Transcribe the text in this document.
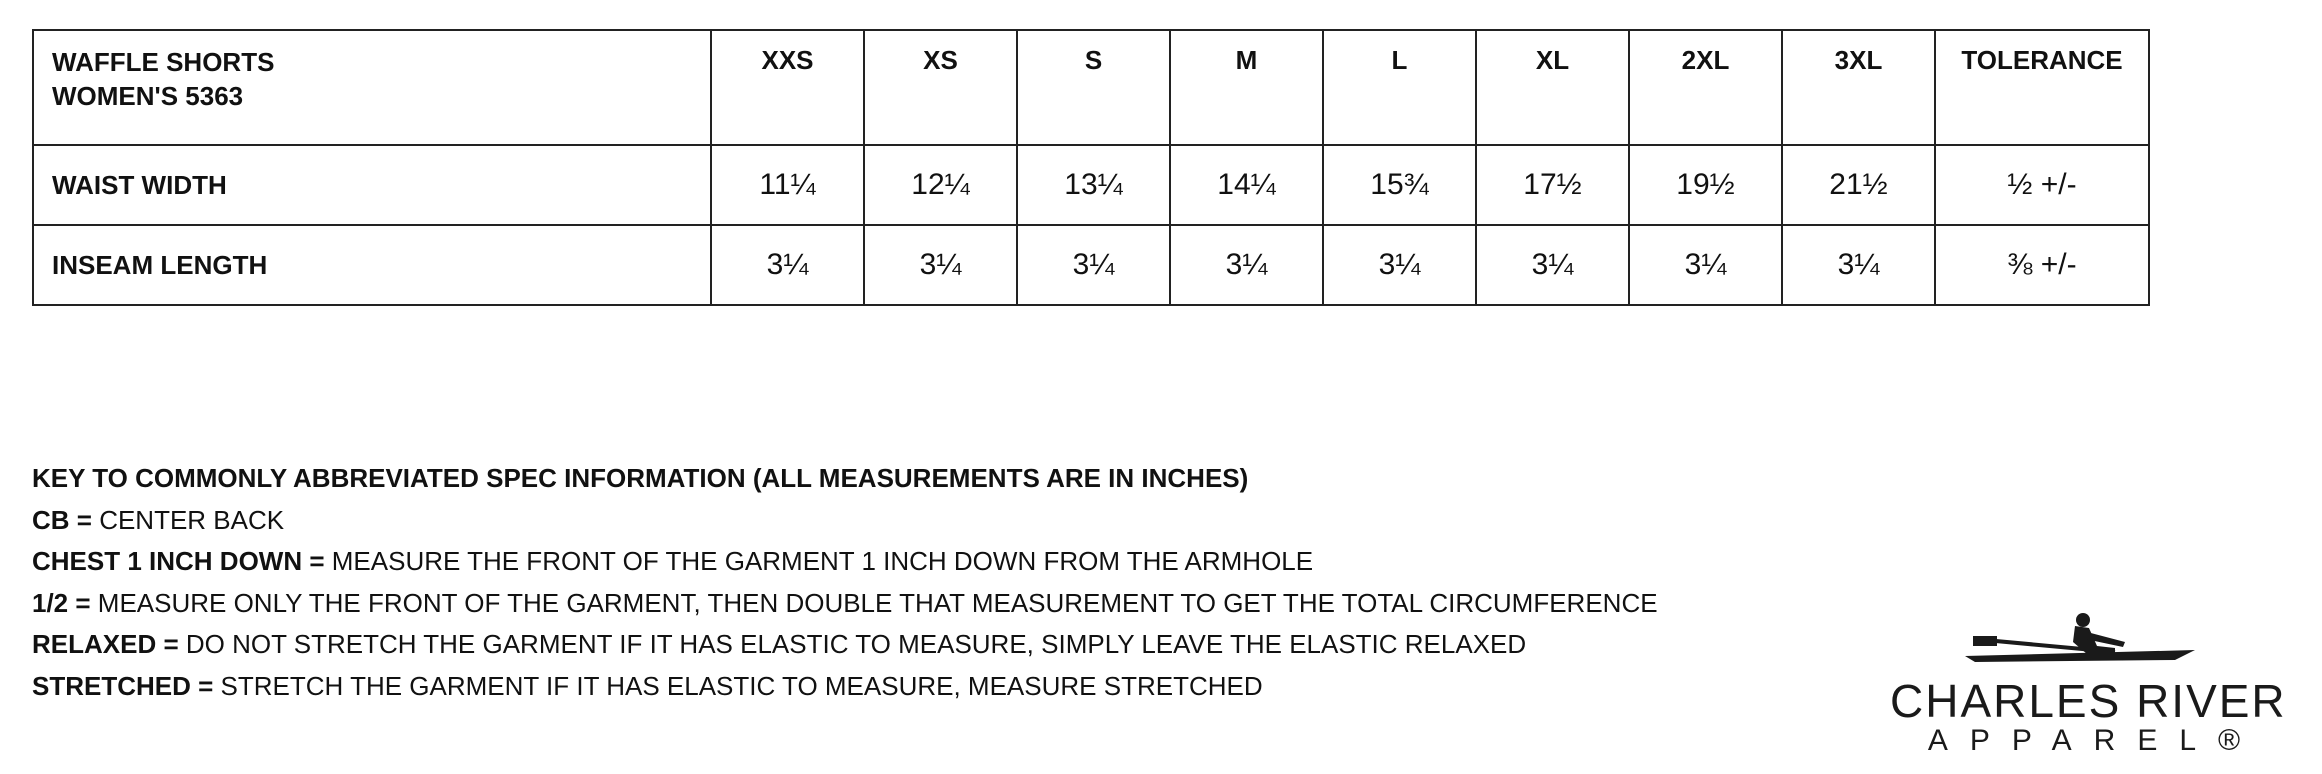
WAFFLE SHORTS
WOMEN'S 5363	XXS	XS	S	M	L	XL	2XL	3XL	TOLERANCE
WAIST WIDTH	11¼	12¼	13¼	14¼	15¾	17½	19½	21½	½ +/-
INSEAM LENGTH	3¼	3¼	3¼	3¼	3¼	3¼	3¼	3¼	⅜ +/-
KEY TO COMMONLY ABBREVIATED SPEC INFORMATION (ALL MEASUREMENTS ARE IN INCHES)
CB = CENTER BACK
CHEST 1 INCH DOWN = MEASURE THE FRONT OF THE GARMENT 1 INCH DOWN FROM THE ARMHOLE
1/2 = MEASURE ONLY THE FRONT OF THE GARMENT, THEN DOUBLE THAT MEASUREMENT TO GET THE TOTAL CIRCUMFERENCE
RELAXED = DO NOT STRETCH THE GARMENT IF IT HAS ELASTIC TO MEASURE, SIMPLY LEAVE THE ELASTIC RELAXED
STRETCHED = STRETCH THE GARMENT IF IT HAS ELASTIC TO MEASURE, MEASURE STRETCHED	CHARLES RIVER
APPAREL®
